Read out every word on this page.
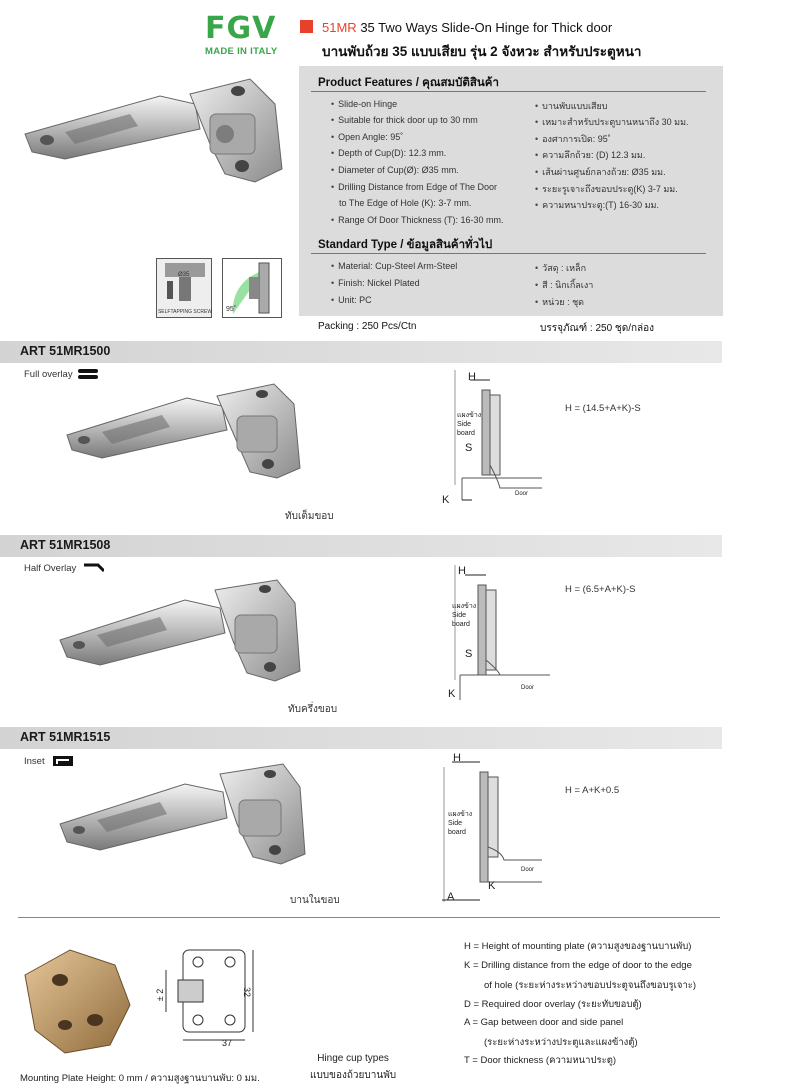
FGV
MADE IN ITALY
51MR 35 Two Ways Slide-On Hinge for Thick door
บานพับถ้วย 35 แบบเสียบ รุ่น 2 จังหวะ สำหรับประตูหนา
Ø35
SELFTAPPING SCREW 95˚
Product Features / คุณสมบัติสินค้า
• Slide-on Hinge
• Suitable for thick door up to 30 mm
• Open Angle: 95˚
• Depth of Cup(D): 12.3 mm.
• Diameter of Cup(Ø): Ø35 mm.
• Drilling Distance from Edge of The Door
to The Edge of Hole (K): 3-7 mm.
• Range Of Door Thickness (T): 16-30 mm.
• บานพับแบบเสียบ
• เหมาะสำหรับประตูบานหนาถึง 30 มม.
• องศาการเปิด: 95˚
• ความลึกถ้วย: (D) 12.3 มม.
• เส้นผ่านศูนย์กลางถ้วย: Ø35 มม.
• ระยะรูเจาะถึงขอบประตู(K) 3-7 มม.
• ความหนาประตู:(T) 16-30 มม.
Standard Type / ข้อมูลสินค้าทั่วไป
• Material: Cup-Steel Arm-Steel
• Finish: Nickel Plated
• Unit: PC
• วัสดุ : เหล็ก
• สี : นิกเกิ้ลเงา
• หน่วย : ชุด
Packing : 250 Pcs/Ctn	บรรจุภัณฑ์ : 250 ชุด/กล่อง
ART 51MR1500
Full overlay
ทับเต็มขอบ
H
แผงข้าง
Side
board
S
K	Door
H = (14.5+A+K)-S
ART 51MR1508
Half Overlay
ทับครึ่งขอบ
H
แผงข้าง
Side
board
S
K	Door
H = (6.5+A+K)-S
ART 51MR1515
Inset
บานในขอบ
H
แผงข้าง
Side
board
K
A
Door
H = A+K+0.5
32
37
± 2
Mounting Plate Height: 0 mm / ความสูงฐานบานพับ: 0 มม.
Hinge cup types
แบบของถ้วยบานพับ
H = Height of mounting plate (ความสูงของฐานบานพับ)
K = Drilling distance from the edge of door to the edge
of hole (ระยะห่างระหว่างขอบประตูจนถึงขอบรูเจาะ)
D = Required door overlay (ระยะทับขอบตู้)
A = Gap between door and side panel
(ระยะห่างระหว่างประตูและแผงข้างตู้)
T = Door thickness (ความหนาประตู)
